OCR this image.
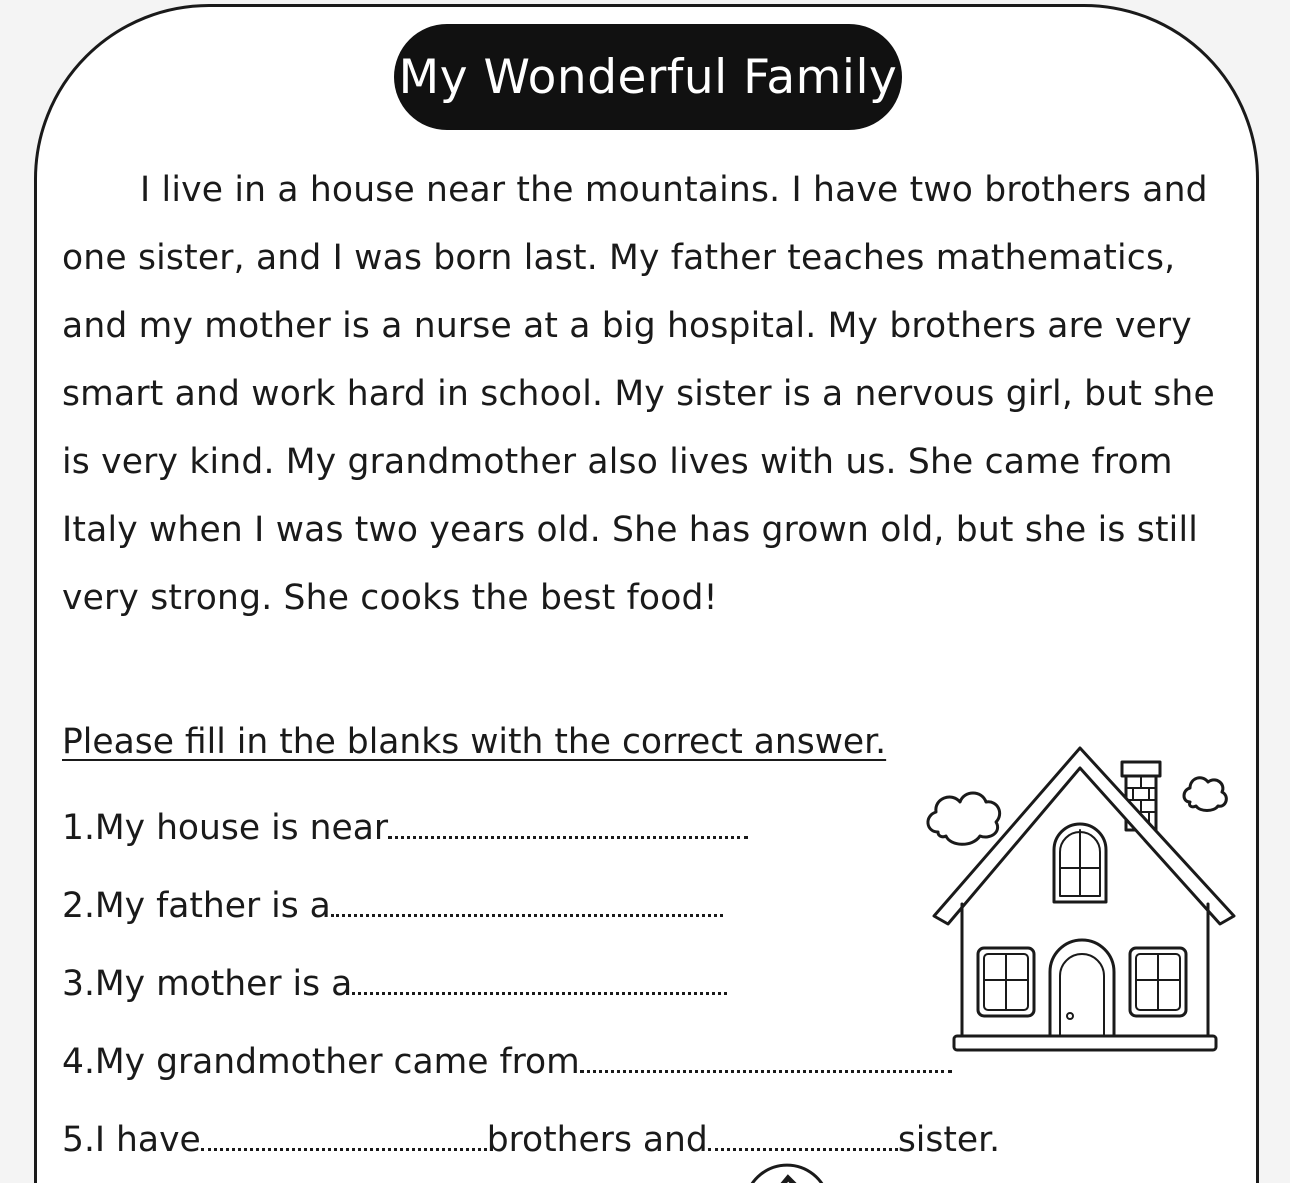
My Wonderful Family

I live in a house near the mountains. I have two brothers and one sister, and I was born last. My father teaches mathematics, and my mother is a nurse at a big hospital. My brothers are very smart and work hard in school. My sister is a nervous girl, but she is very kind. My grandmother also lives with us. She came from Italy when I was two years old. She has grown old, but she is still very strong. She cooks the best food!

Please fill in the blanks with the correct answer.
1.My house is near
2.My father is a
3.My mother is a
4.My grandmother came from
5.I have	brothers and	sister.
